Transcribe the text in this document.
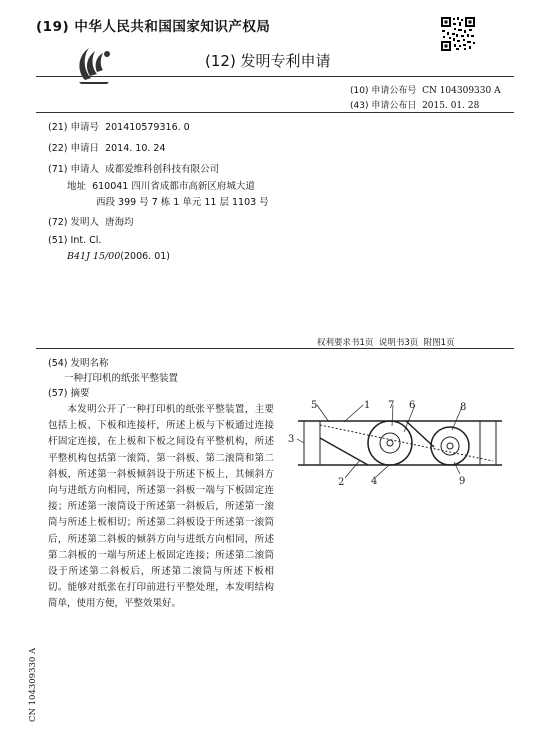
(19) 中华人民共和国国家知识产权局
(12) 发明专利申请
(10) 申请公布号 CN 104309330 A
(43) 申请公布日 2015. 01. 28
(21) 申请号 201410579316. 0
(22) 申请日 2014. 10. 24
(71) 申请人 成都爱维科创科技有限公司
地址 610041 四川省成都市高新区府城大道
西段 399 号 7 栋 1 单元 11 层 1103 号
(72) 发明人 唐海均
(51) Int. Cl.
B41J 15/00(2006. 01)
权利要求书1页 说明书3页 附图1页
(54) 发明名称
一种打印机的纸张平整装置
(57) 摘要
本发明公开了一种打印机的纸张平整装置，主要包括上板、下板和连接杆，所述上板与下板通过连接杆固定连接，在上板和下板之间设有平整机构，所述平整机构包括第一滚筒、第一斜板、第二滚筒和第二斜板，所述第一斜板倾斜设于所述下板上，其倾斜方向与进纸方向相同，所述第一斜板一端与下板固定连接；所述第一滚筒设于所述第一斜板后，所述第一滚筒与所述上板相切；所述第二斜板设于所述第一滚筒后，所述第二斜板的倾斜方向与进纸方向相同，所述第二斜板的一端与所述上板固定连接；所述第二滚筒设于所述第二斜板后，所述第二滚筒与所述下板相切。能够对纸张在打印前进行平整处理，本发明结构简单，使用方便，平整效果好。
1
2
3
4
5	6
7	8
9
CN 104309330 A
